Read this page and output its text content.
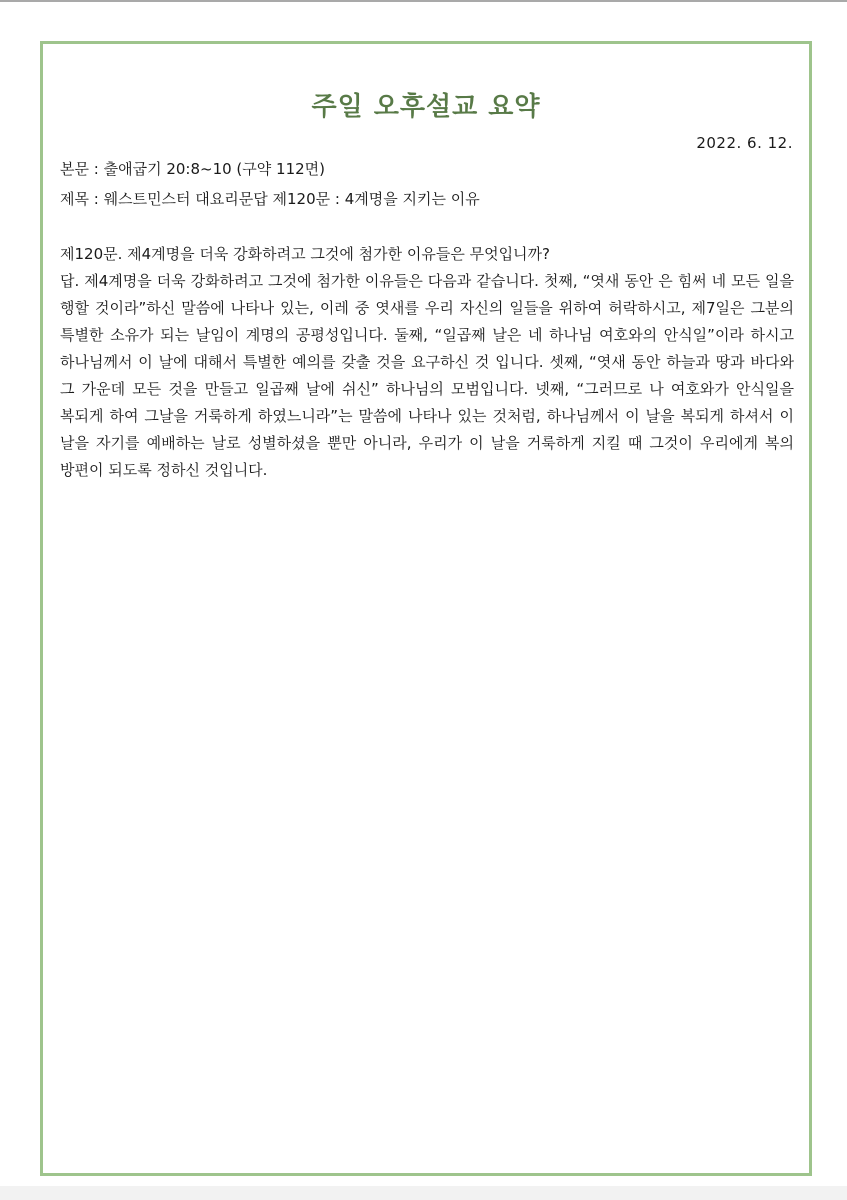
주일 오후설교 요약
2022. 6. 12.
본문 : 출애굽기 20:8~10 (구약 112면)
제목 : 웨스트민스터 대요리문답 제120문 : 4계명을 지키는 이유

제120문. 제4계명을 더욱 강화하려고 그것에 첨가한 이유들은 무엇입니까?

답. 제4계명을 더욱 강화하려고 그것에 첨가한 이유들은 다음과 같습니다. 첫째, “엿새 동안 은 힘써 네 모든 일을 행할 것이라”하신 말씀에 나타나 있는, 이레 중 엿새를 우리 자신의 일들을 위하여 허락하시고, 제7일은 그분의 특별한 소유가 되는 날임이 계명의 공평성입니다. 둘째, “일곱째 날은 네 하나님 여호와의 안식일”이라 하시고 하나님께서 이 날에 대해서 특별한 예의를 갖출 것을 요구하신 것 입니다. 셋째, “엿새 동안 하늘과 땅과 바다와 그 가운데 모든 것을 만들고 일곱째 날에 쉬신” 하나님의 모범입니다. 넷째, “그러므로 나 여호와가 안식일을 복되게 하여 그날을 거룩하게 하였느니라”는 말씀에 나타나 있는 것처럼, 하나님께서 이 날을 복되게 하셔서 이 날을 자기를 예배하는 날로 성별하셨을 뿐만 아니라, 우리가 이 날을 거룩하게 지킬 때 그것이 우리에게 복의 방편이 되도록 정하신 것입니다.
